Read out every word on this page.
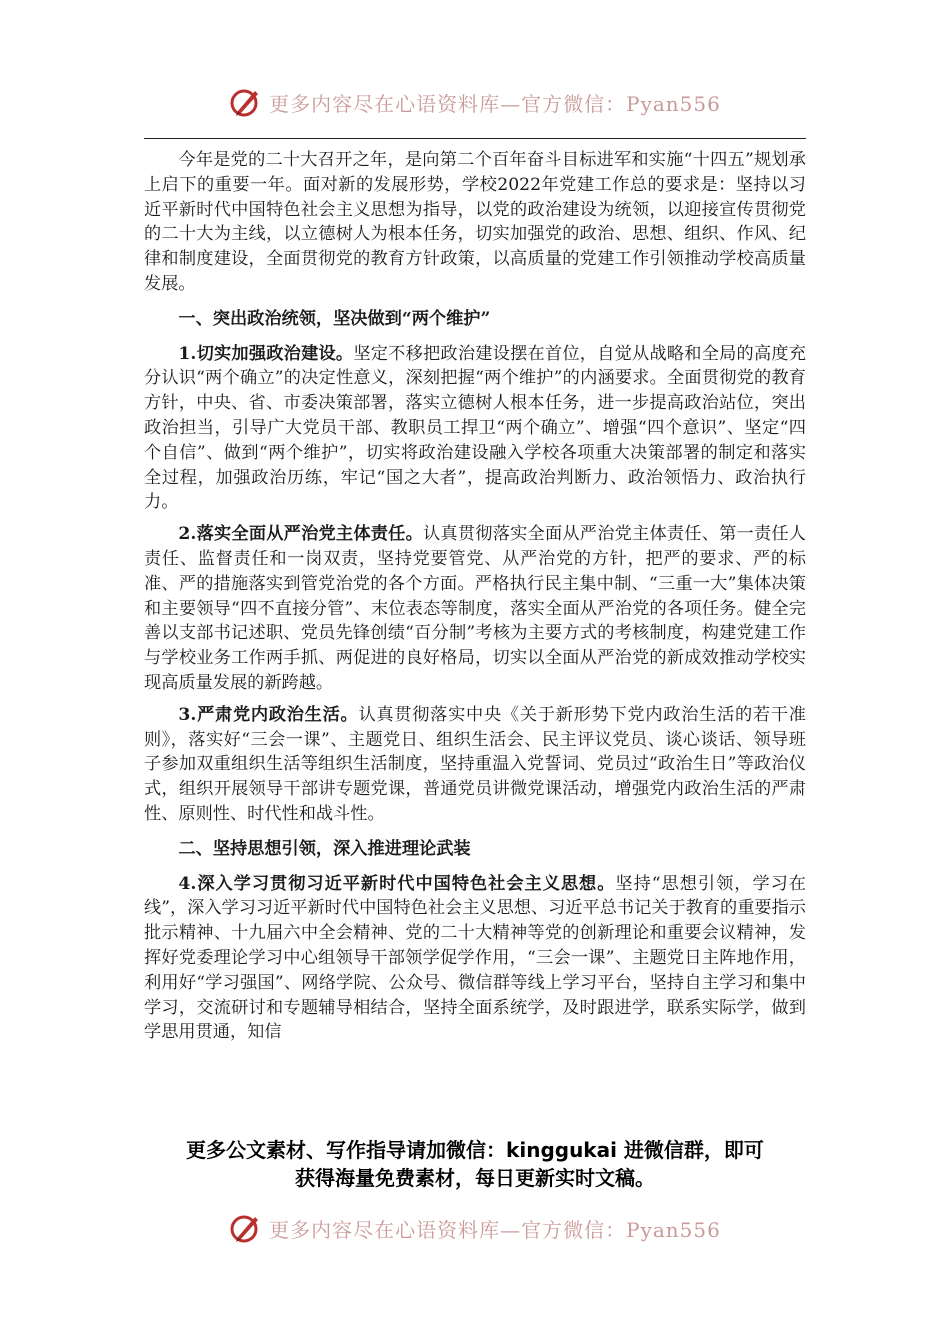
更多内容尽在心语资料库—官方微信：Pyan556

今年是党的二十大召开之年，是向第二个百年奋斗目标进军和实施“十四五”规划承上启下的重要一年。面对新的发展形势，学校2022年党建工作总的要求是：坚持以习近平新时代中国特色社会主义思想为指导，以党的政治建设为统领，以迎接宣传贯彻党的二十大为主线，以立德树人为根本任务，切实加强党的政治、思想、组织、作风、纪律和制度建设，全面贯彻党的教育方针政策，以高质量的党建工作引领推动学校高质量发展。

一、突出政治统领，坚决做到“两个维护”

1.切实加强政治建设。坚定不移把政治建设摆在首位，自觉从战略和全局的高度充分认识“两个确立”的决定性意义，深刻把握“两个维护”的内涵要求。全面贯彻党的教育方针，中央、省、市委决策部署，落实立德树人根本任务，进一步提高政治站位，突出政治担当，引导广大党员干部、教职员工捍卫“两个确立”、增强“四个意识”、坚定“四个自信”、做到“两个维护”，切实将政治建设融入学校各项重大决策部署的制定和落实全过程，加强政治历练，牢记“国之大者”，提高政治判断力、政治领悟力、政治执行力。

2.落实全面从严治党主体责任。认真贯彻落实全面从严治党主体责任、第一责任人责任、监督责任和一岗双责，坚持党要管党、从严治党的方针，把严的要求、严的标准、严的措施落实到管党治党的各个方面。严格执行民主集中制、“三重一大”集体决策和主要领导“四不直接分管”、末位表态等制度，落实全面从严治党的各项任务。健全完善以支部书记述职、党员先锋创绩“百分制”考核为主要方式的考核制度，构建党建工作与学校业务工作两手抓、两促进的良好格局，切实以全面从严治党的新成效推动学校实现高质量发展的新跨越。

3.严肃党内政治生活。认真贯彻落实中央《关于新形势下党内政治生活的若干准则》，落实好“三会一课”、主题党日、组织生活会、民主评议党员、谈心谈话、领导班子参加双重组织生活等组织生活制度，坚持重温入党誓词、党员过“政治生日”等政治仪式，组织开展领导干部讲专题党课，普通党员讲微党课活动，增强党内政治生活的严肃性、原则性、时代性和战斗性。

二、坚持思想引领，深入推进理论武装

4.深入学习贯彻习近平新时代中国特色社会主义思想。坚持“思想引领，学习在线”，深入学习习近平新时代中国特色社会主义思想、习近平总书记关于教育的重要指示批示精神、十九届六中全会精神、党的二十大精神等党的创新理论和重要会议精神，发挥好党委理论学习中心组领导干部领学促学作用，“三会一课”、主题党日主阵地作用，利用好“学习强国”、网络学院、公众号、微信群等线上学习平台，坚持自主学习和集中学习，交流研讨和专题辅导相结合，坚持全面系统学，及时跟进学，联系实际学，做到学思用贯通，知信

更多公文素材、写作指导请加微信：kinggukai 进微信群，即可
获得海量免费素材，每日更新实时文稿。
更多内容尽在心语资料库—官方微信：Pyan556
